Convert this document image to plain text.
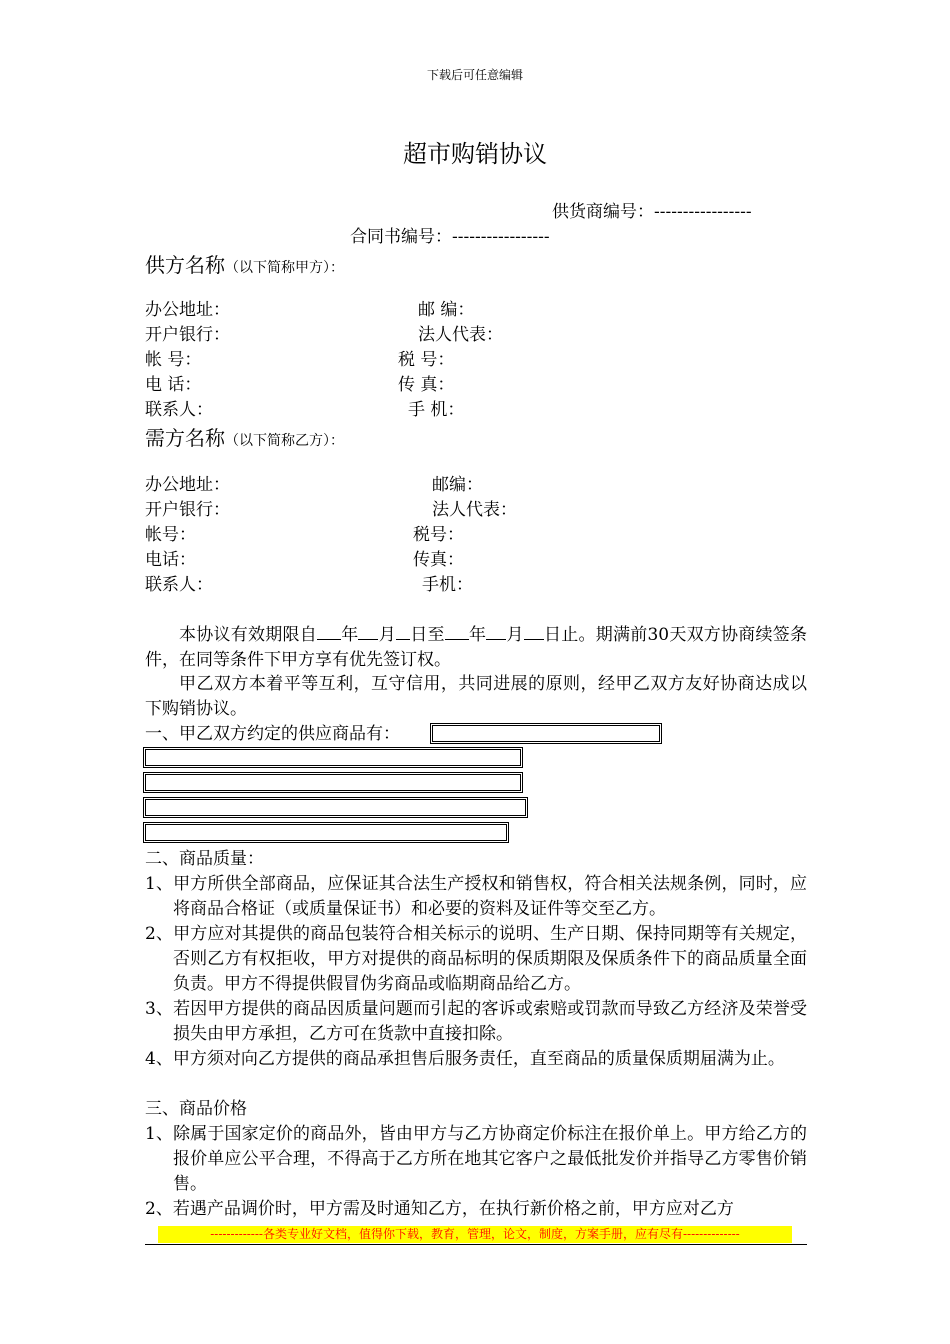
下载后可任意编辑
超市购销协议
供货商编号：-----------------
合同书编号：-----------------
供方名称（以下简称甲方）：
办公地址：	邮 编：
开户银行：	法人代表：
帐 号：	税 号：
电 话：	传 真：
联系人：	手 机：
需方名称（以下简称乙方）：
办公地址：	邮编：
开户银行：	法人代表：
帐号：	税号：
电话：	传真：
联系人：	手机：
本协议有效期限自 年 月 日至 年 月 日止。期满前30天双方协商续签条件，在同等条件下甲方享有优先签订权。
甲乙双方本着平等互利，互守信用，共同进展的原则，经甲乙双方友好协商达成以下购销协议。
一、甲乙双方约定的供应商品有：
二、商品质量：
1、甲方所供全部商品，应保证其合法生产授权和销售权，符合相关法规条例，同时，应将商品合格证（或质量保证书）和必要的资料及证件等交至乙方。
2、甲方应对其提供的商品包装符合相关标示的说明、生产日期、保持同期等有关规定，否则乙方有权拒收，甲方对提供的商品标明的保质期限及保质条件下的商品质量全面负责。甲方不得提供假冒伪劣商品或临期商品给乙方。
3、若因甲方提供的商品因质量问题而引起的客诉或索赔或罚款而导致乙方经济及荣誉受损失由甲方承担，乙方可在货款中直接扣除。
4、甲方须对向乙方提供的商品承担售后服务责任，直至商品的质量保质期届满为止。
三、商品价格
1、除属于国家定价的商品外，皆由甲方与乙方协商定价标注在报价单上。甲方给乙方的报价单应公平合理，不得高于乙方所在地其它客户之最低批发价并指导乙方零售价销售。
2、若遇产品调价时，甲方需及时通知乙方，在执行新价格之前，甲方应对乙方
-------------各类专业好文档，值得你下载，教育，管理，论文，制度，方案手册，应有尽有--------------
